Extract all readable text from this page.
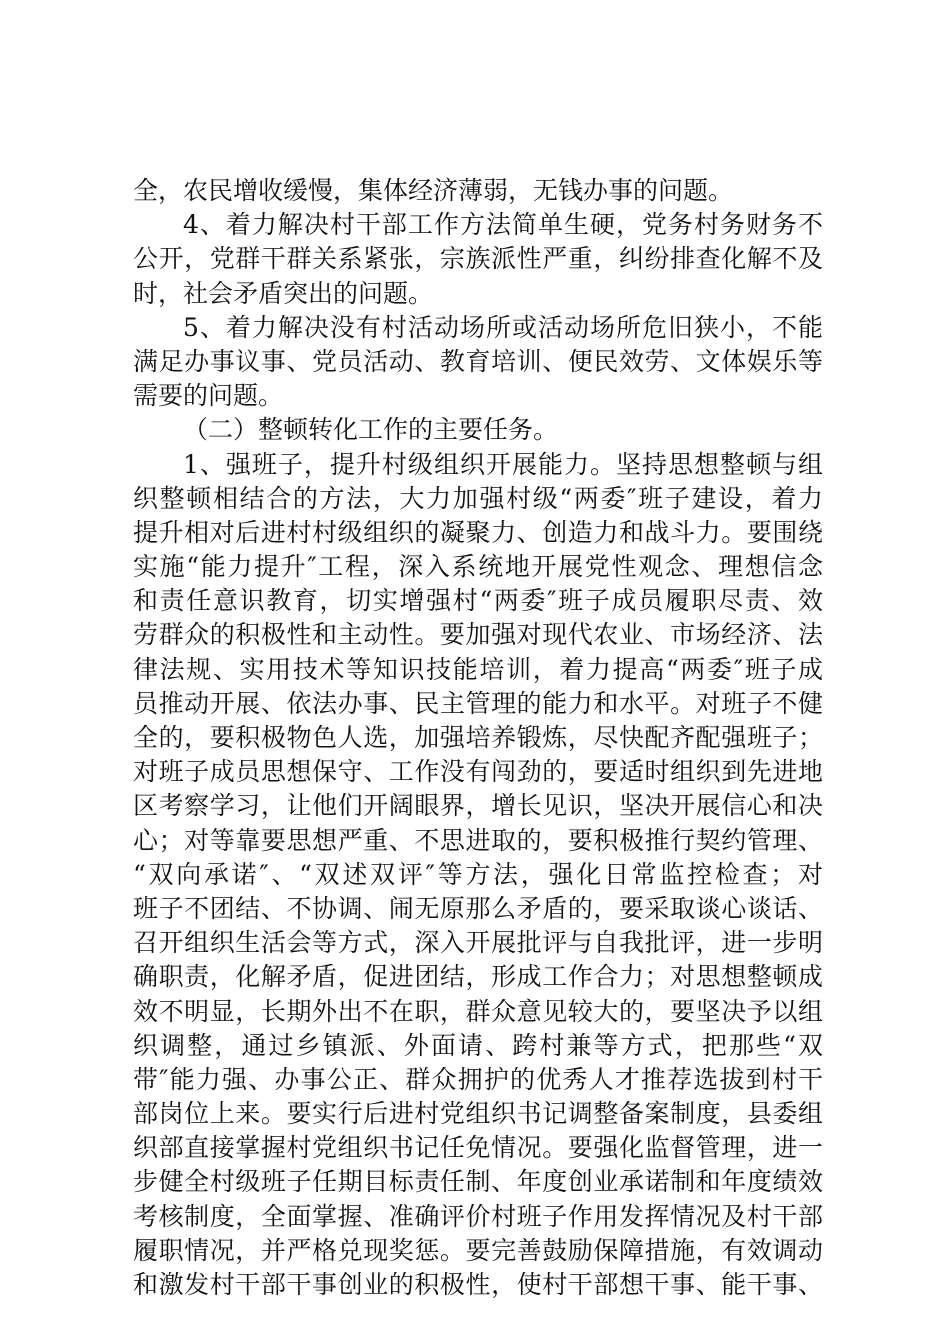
全，农民增收缓慢，集体经济薄弱，无钱办事的问题。
4、着力解决村干部工作方法简单生硬，党务村务财务不
公开，党群干群关系紧张，宗族派性严重，纠纷排查化解不及
时，社会矛盾突出的问题。
5、着力解决没有村活动场所或活动场所危旧狭小，不能
满足办事议事、党员活动、教育培训、便民效劳、文体娱乐等
需要的问题。
（二）整顿转化工作的主要任务。
1、强班子，提升村级组织开展能力。坚持思想整顿与组
织整顿相结合的方法，大力加强村级“两委″班子建设，着力
提升相对后进村村级组织的凝聚力、创造力和战斗力。要围绕
实施“能力提升″工程，深入系统地开展党性观念、理想信念
和责任意识教育，切实增强村“两委″班子成员履职尽责、效
劳群众的积极性和主动性。要加强对现代农业、市场经济、法
律法规、实用技术等知识技能培训，着力提高“两委″班子成
员推动开展、依法办事、民主管理的能力和水平。对班子不健
全的，要积极物色人选，加强培养锻炼，尽快配齐配强班子；
对班子成员思想保守、工作没有闯劲的，要适时组织到先进地
区考察学习，让他们开阔眼界，增长见识，坚决开展信心和决
心；对等靠要思想严重、不思进取的，要积极推行契约管理、
“双向承诺″、“双述双评″等方法，强化日常监控检查；对
班子不团结、不协调、闹无原那么矛盾的，要采取谈心谈话、
召开组织生活会等方式，深入开展批评与自我批评，进一步明
确职责，化解矛盾，促进团结，形成工作合力；对思想整顿成
效不明显，长期外出不在职，群众意见较大的，要坚决予以组
织调整，通过乡镇派、外面请、跨村兼等方式，把那些“双
带″能力强、办事公正、群众拥护的优秀人才推荐选拔到村干
部岗位上来。要实行后进村党组织书记调整备案制度，县委组
织部直接掌握村党组织书记任免情况。要强化监督管理，进一
步健全村级班子任期目标责任制、年度创业承诺制和年度绩效
考核制度，全面掌握、准确评价村班子作用发挥情况及村干部
履职情况，并严格兑现奖惩。要完善鼓励保障措施，有效调动
和激发村干部干事创业的积极性，使村干部想干事、能干事、
